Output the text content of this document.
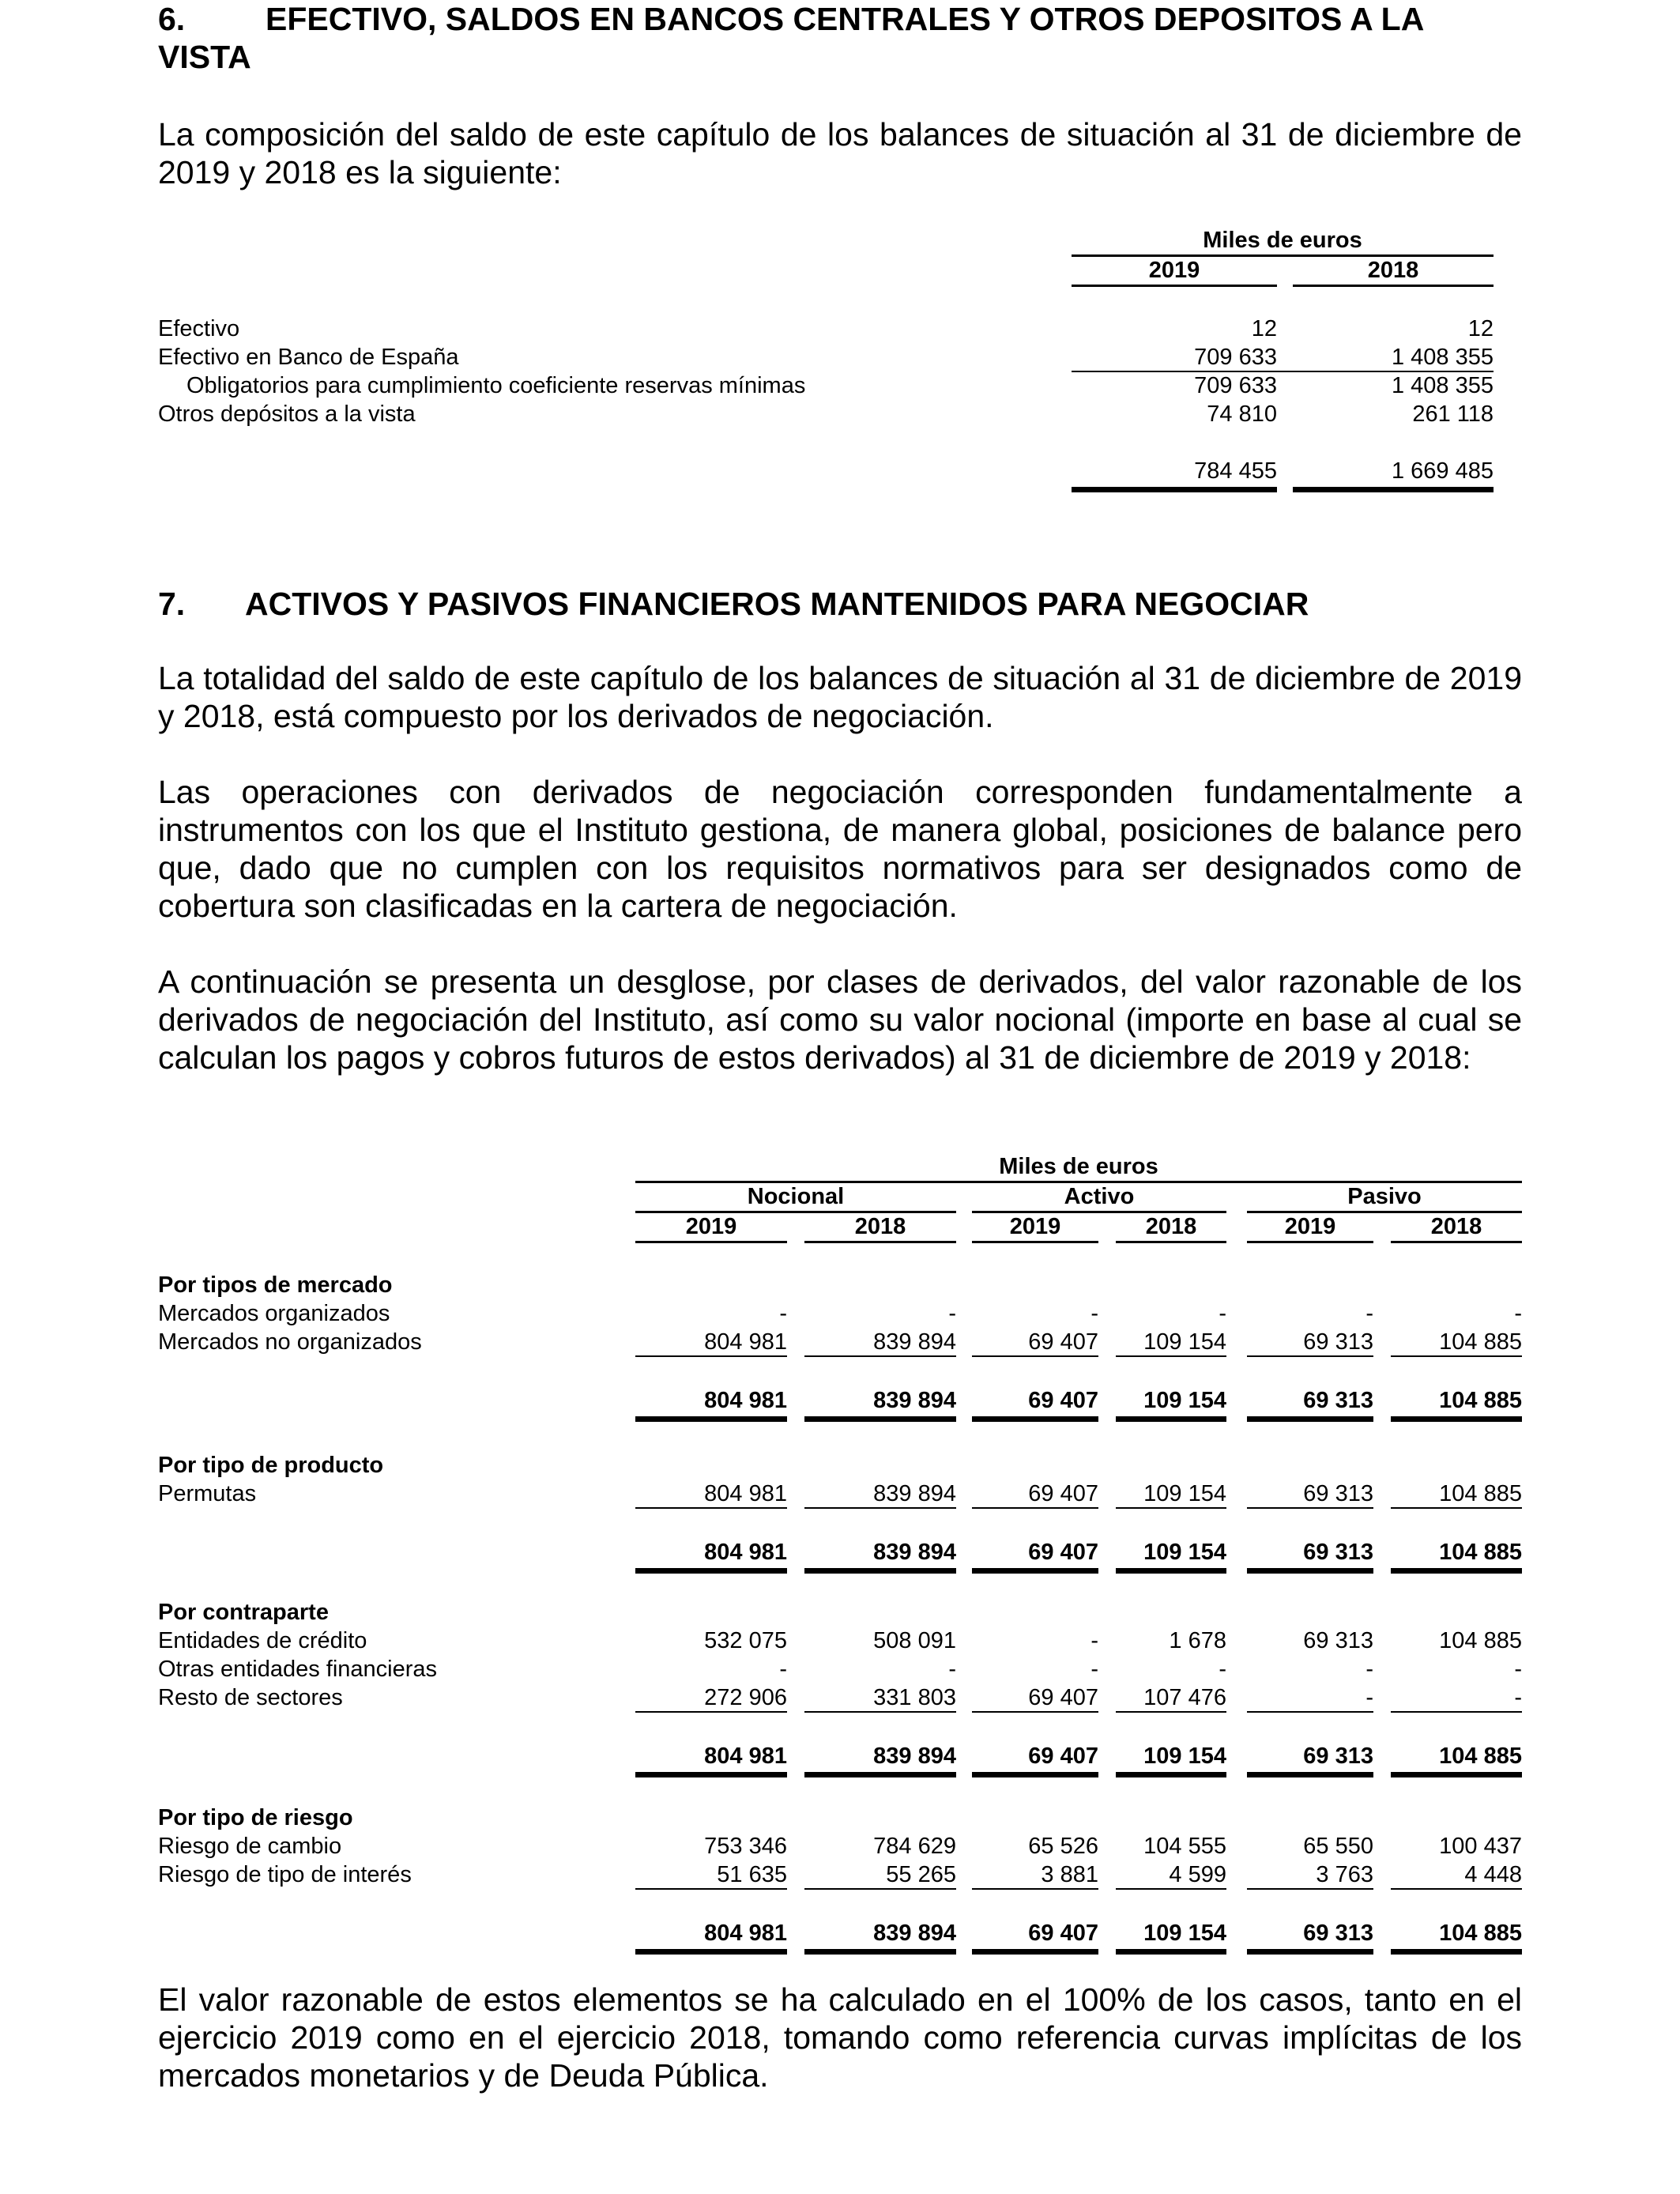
6. EFECTIVO, SALDOS EN BANCOS CENTRALES Y OTROS DEPOSITOS A LA
VISTA
La composición del saldo de este capítulo de los balances de situación al 31 de diciembre de 2019 y 2018 es la siguiente:
Miles de euros
2019	2018
Efectivo	12	12
Efectivo en Banco de España	709 633	1 408 355
Obligatorios para cumplimiento coeficiente reservas mínimas	709 633	1 408 355
Otros depósitos a la vista	74 810	261 118
784 455	1 669 485
7. ACTIVOS Y PASIVOS FINANCIEROS MANTENIDOS PARA NEGOCIAR
La totalidad del saldo de este capítulo de los balances de situación al 31 de diciembre de 2019 y 2018, está compuesto por los derivados de negociación.
Las operaciones con derivados de negociación corresponden fundamentalmente a instrumentos con los que el Instituto gestiona, de manera global, posiciones de balance pero que, dado que no cumplen con los requisitos normativos para ser designados como de cobertura son clasificadas en la cartera de negociación.
A continuación se presenta un desglose, por clases de derivados, del valor razonable de los derivados de negociación del Instituto, así como su valor nocional (importe en base al cual se calculan los pagos y cobros futuros de estos derivados) al 31 de diciembre de 2019 y 2018:
Miles de euros
Nocional	Activo	Pasivo
2019	2018	2019	2018	2019	2018
Por tipos de mercado
Mercados organizados	-	-	-	-	-	-
Mercados no organizados	804 981	839 894	69 407	109 154	69 313	104 885
804 981	839 894	69 407	109 154	69 313	104 885
Por tipo de producto
Permutas	804 981	839 894	69 407	109 154	69 313	104 885
804 981	839 894	69 407	109 154	69 313	104 885
Por contraparte
Entidades de crédito	532 075	508 091	-	1 678	69 313	104 885
Otras entidades financieras	-	-	-	-	-	-
Resto de sectores	272 906	331 803	69 407	107 476	-	-
804 981	839 894	69 407	109 154	69 313	104 885
Por tipo de riesgo
Riesgo de cambio	753 346	784 629	65 526	104 555	65 550	100 437
Riesgo de tipo de interés	51 635	55 265	3 881	4 599	3 763	4 448
804 981	839 894	69 407	109 154	69 313	104 885
El valor razonable de estos elementos se ha calculado en el 100% de los casos, tanto en el ejercicio 2019 como en el ejercicio 2018, tomando como referencia curvas implícitas de los mercados monetarios y de Deuda Pública.
